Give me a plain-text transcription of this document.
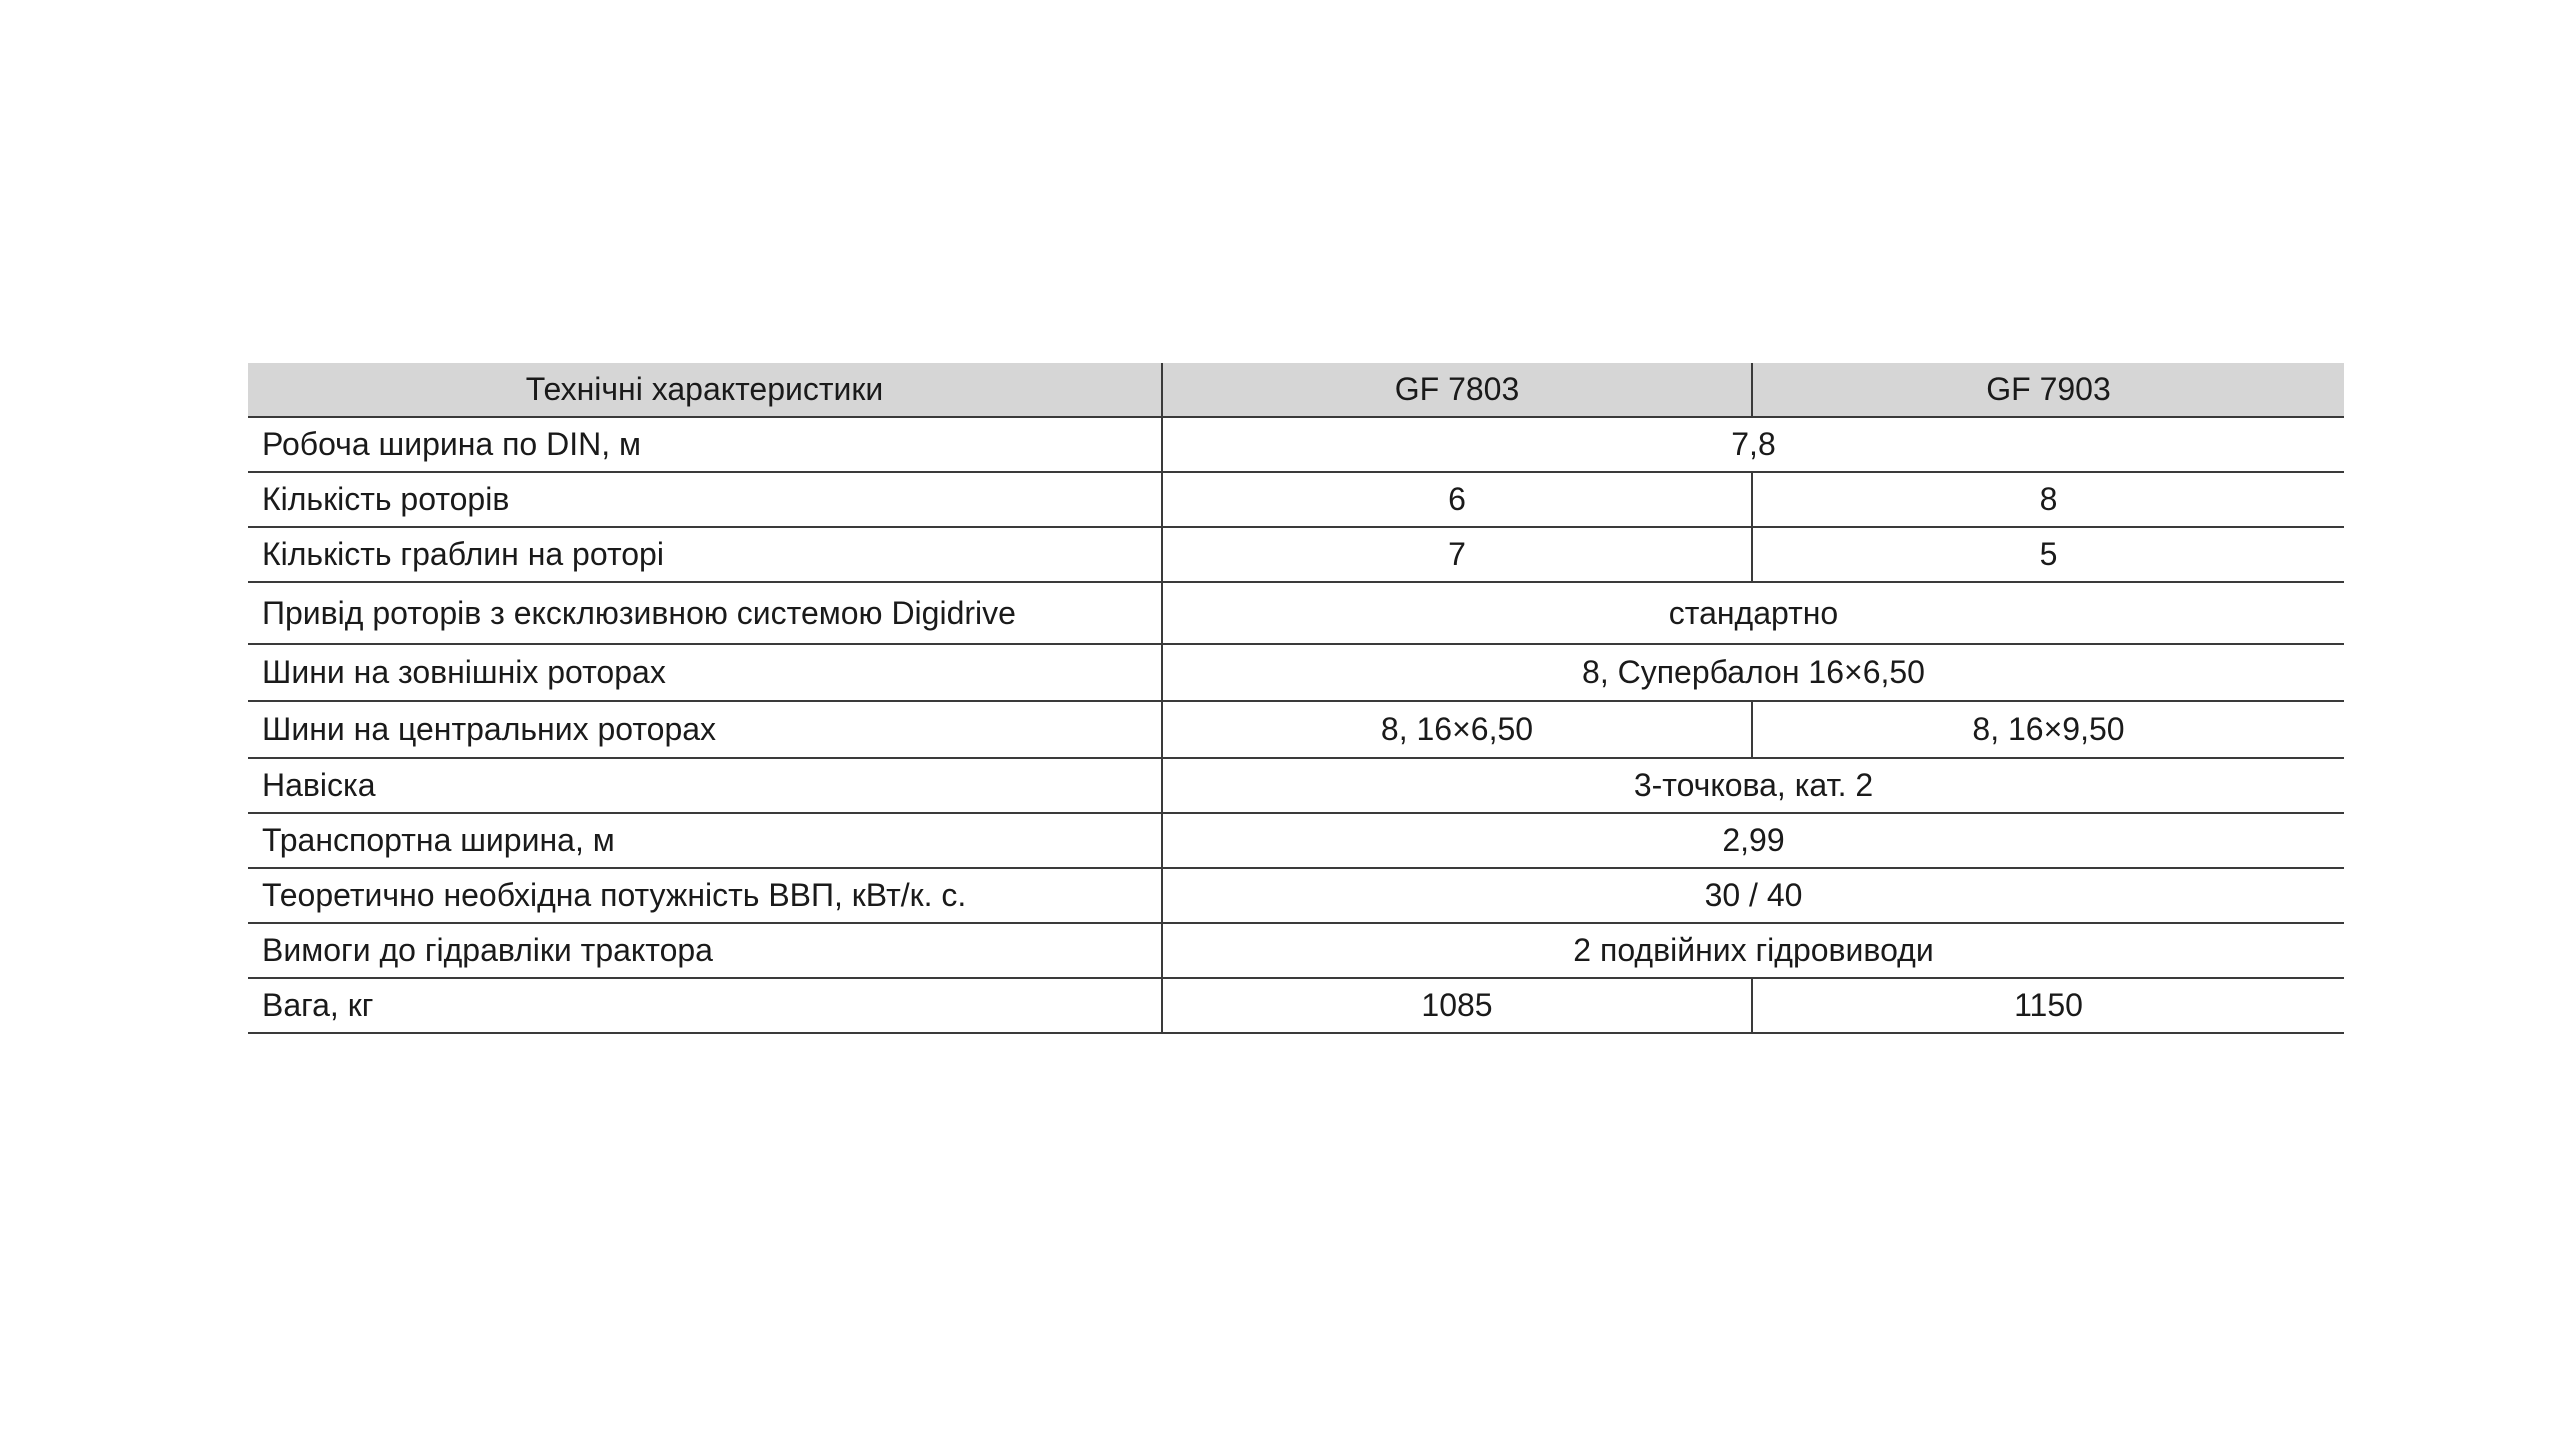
Технічні характеристики	GF 7803	GF 7903
Робоча ширина по DIN, м	7,8	
Кількість роторів	6	8
Кількість граблин на роторі	7	5
Привід роторів з ексклюзивною системою Digidrive	стандартно	
Шини на зовнішніх роторах	8, Супербалон 16×6,50	
Шини на центральних роторах	8, 16×6,50	8, 16×9,50
Навіска	3-точкова, кат. 2	
Транспортна ширина, м	2,99	
Теоретично необхідна потужність ВВП, кВт/к. с.	30 / 40	
Вимоги до гідравліки трактора	2 подвійних гідровиводи	
Вага, кг	1085	1150
